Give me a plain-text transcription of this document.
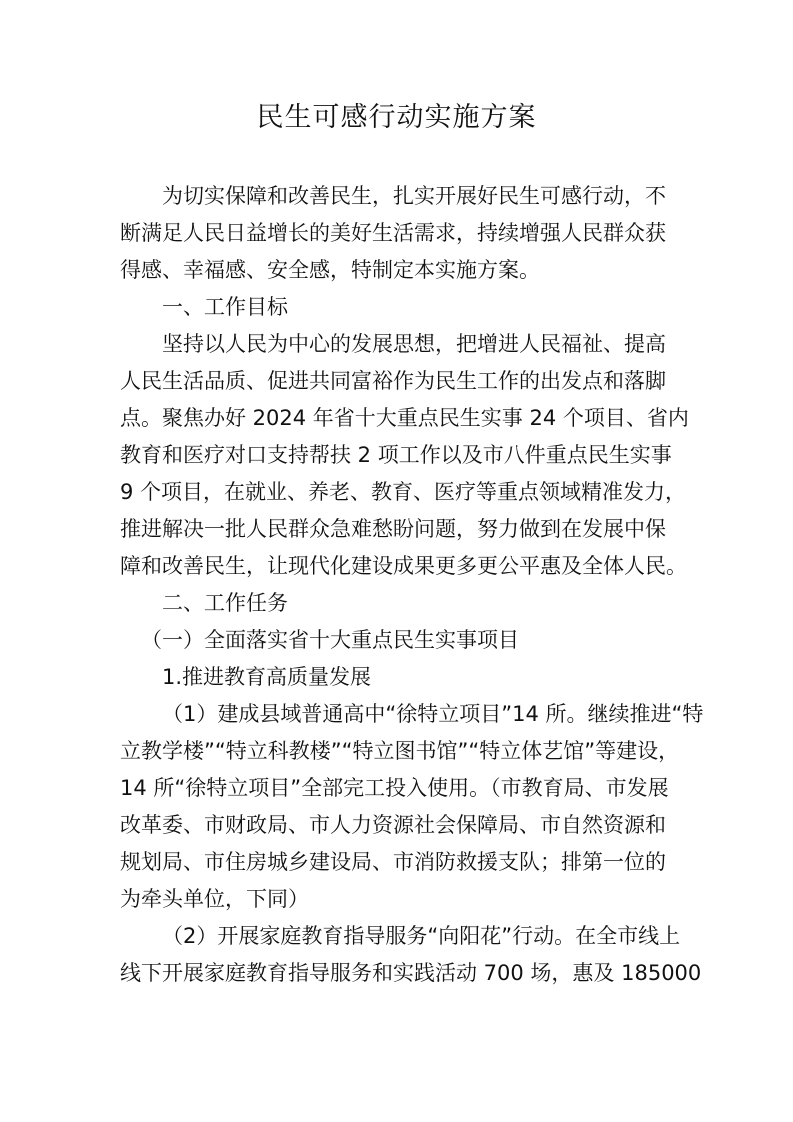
民生可感行动实施方案
为切实保障和改善民生，扎实开展好民生可感行动，不
断满足人民日益增长的美好生活需求，持续增强人民群众获
得感、幸福感、安全感，特制定本实施方案。
一、工作目标
坚持以人民为中心的发展思想，把增进人民福祉、提高
人民生活品质、促进共同富裕作为民生工作的出发点和落脚
点。聚焦办好 2024 年省十大重点民生实事 24 个项目、省内
教育和医疗对口支持帮扶 2 项工作以及市八件重点民生实事
9 个项目，在就业、养老、教育、医疗等重点领域精准发力，
推进解决一批人民群众急难愁盼问题，努力做到在发展中保
障和改善民生，让现代化建设成果更多更公平惠及全体人民。
二、工作任务
（一）全面落实省十大重点民生实事项目
1.推进教育高质量发展
（1）建成县域普通高中“徐特立项目”14 所。继续推进“特
立教学楼”“特立科教楼”“特立图书馆”“特立体艺馆”等建设，
14 所“徐特立项目”全部完工投入使用。（市教育局、市发展
改革委、市财政局、市人力资源社会保障局、市自然资源和
规划局、市住房城乡建设局、市消防救援支队；排第一位的
为牵头单位，下同）
（2）开展家庭教育指导服务“向阳花”行动。在全市线上
线下开展家庭教育指导服务和实践活动 700 场，惠及 185000
